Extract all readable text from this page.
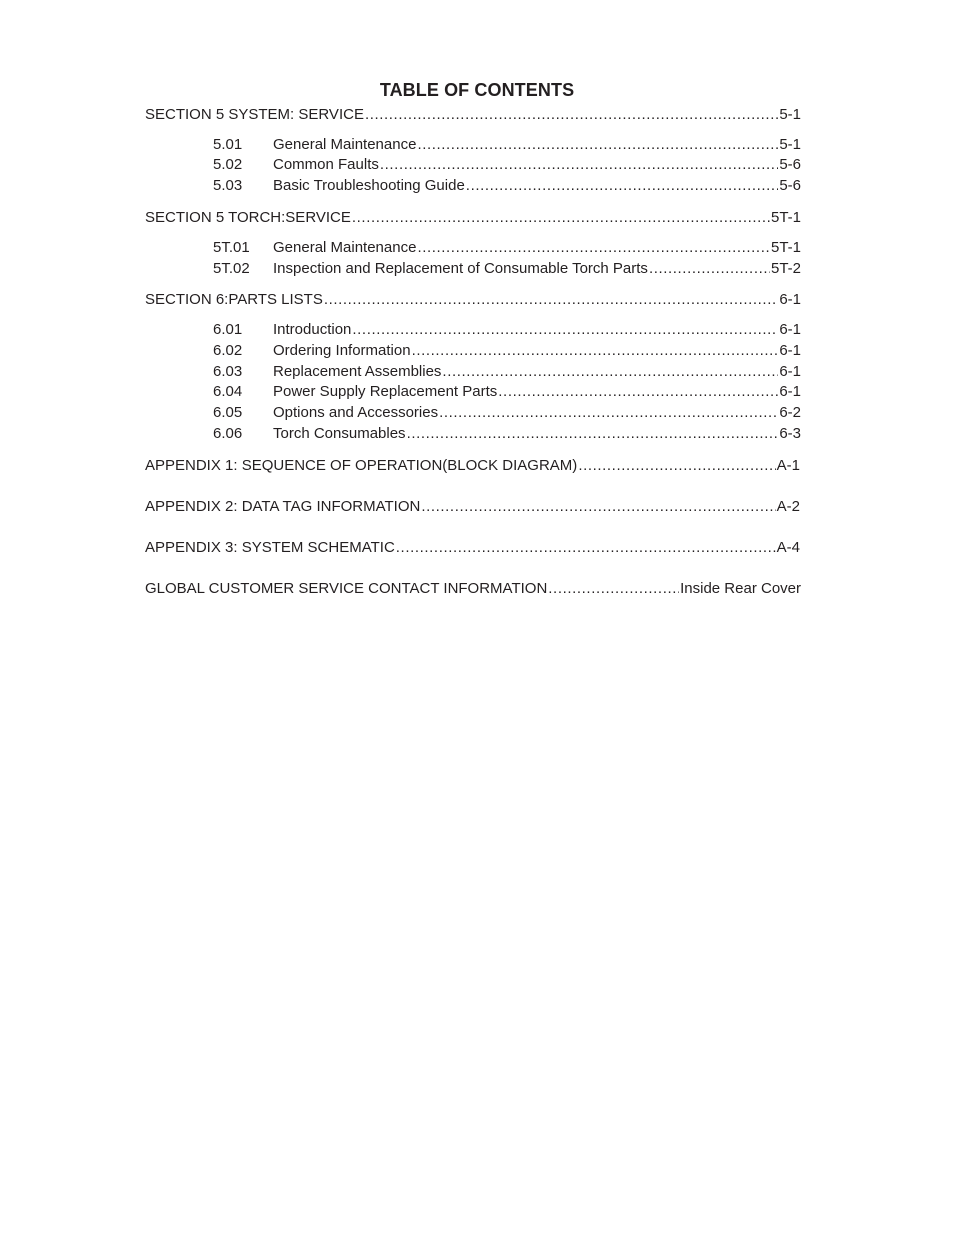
TABLE OF CONTENTS
SECTION 5 SYSTEM: SERVICE .....	5-1
5.01	General Maintenance .....	5-1
5.02	Common Faults .....	5-6
5.03	Basic Troubleshooting Guide .....	5-6
SECTION 5 TORCH:SERVICE .....	5T-1
5T.01	General Maintenance .....	5T-1
5T.02	Inspection and Replacement of Consumable Torch Parts .....	5T-2
SECTION 6:PARTS LISTS .....	6-1
6.01	Introduction .....	6-1
6.02	Ordering Information .....	6-1
6.03	Replacement Assemblies .....	6-1
6.04	Power Supply Replacement Parts .....	6-1
6.05	Options and Accessories .....	6-2
6.06	Torch Consumables .....	6-3
APPENDIX 1: SEQUENCE OF OPERATION(BLOCK DIAGRAM) .....	A-1
APPENDIX 2: DATA TAG INFORMATION .....	A-2
APPENDIX 3: SYSTEM SCHEMATIC .....	A-4
GLOBAL CUSTOMER SERVICE CONTACT INFORMATION .....	Inside Rear Cover
